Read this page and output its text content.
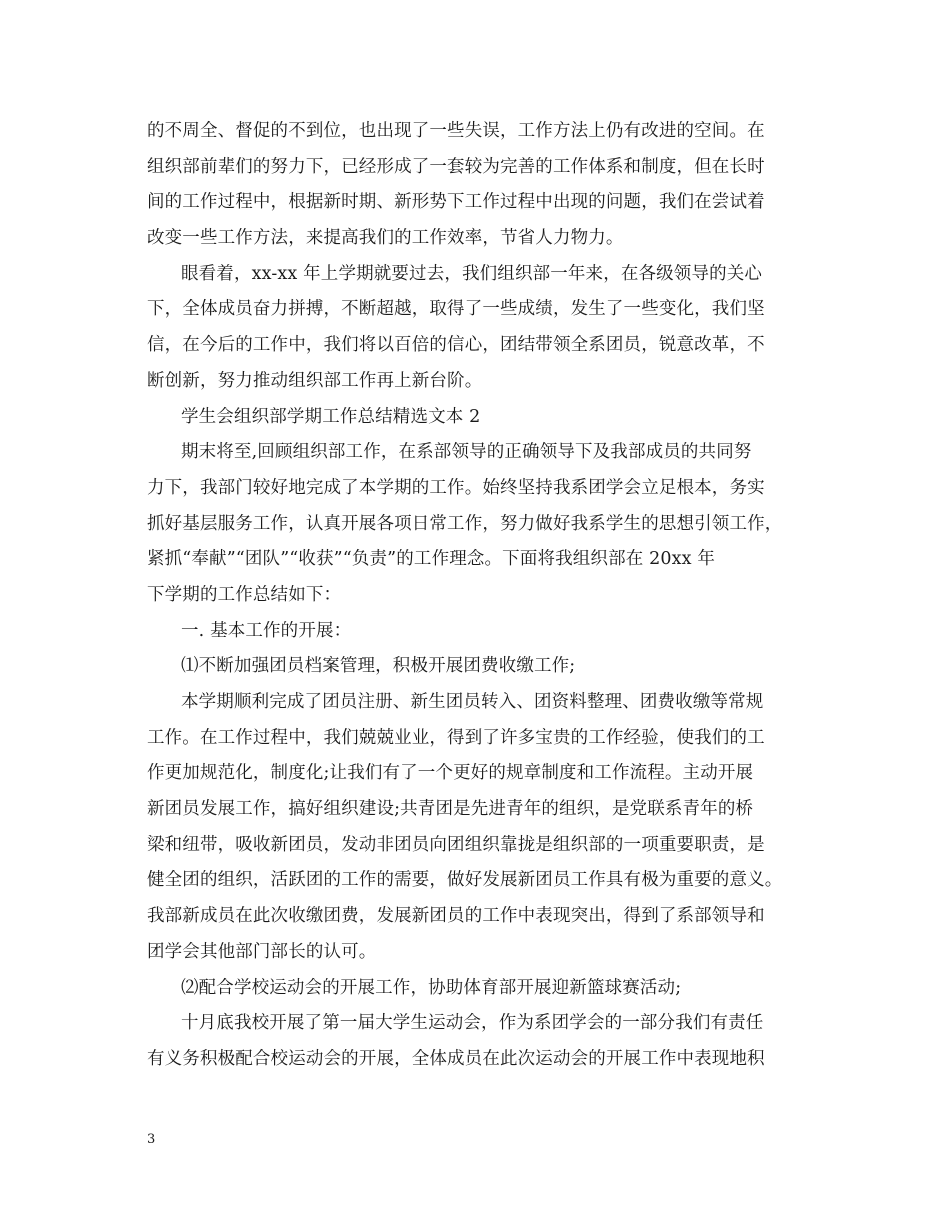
的不周全、督促的不到位，也出现了一些失误，工作方法上仍有改进的空间。在
组织部前辈们的努力下，已经形成了一套较为完善的工作体系和制度，但在长时
间的工作过程中，根据新时期、新形势下工作过程中出现的问题，我们在尝试着
改变一些工作方法，来提高我们的工作效率，节省人力物力。
眼看着，xx-xx 年上学期就要过去，我们组织部一年来，在各级领导的关心
下，全体成员奋力拼搏，不断超越，取得了一些成绩，发生了一些变化，我们坚
信，在今后的工作中，我们将以百倍的信心，团结带领全系团员，锐意改革，不
断创新，努力推动组织部工作再上新台阶。
学生会组织部学期工作总结精选文本 2
期末将至,回顾组织部工作，在系部领导的正确领导下及我部成员的共同努
力下，我部门较好地完成了本学期的工作。始终坚持我系团学会立足根本，务实
抓好基层服务工作，认真开展各项日常工作，努力做好我系学生的思想引领工作，
紧抓“奉献”“团队”“收获”“负责”的工作理念。下面将我组织部在 20xx 年
下学期的工作总结如下：
一. 基本工作的开展：
⑴不断加强团员档案管理，积极开展团费收缴工作;
本学期顺利完成了团员注册、新生团员转入、团资料整理、团费收缴等常规
工作。在工作过程中，我们兢兢业业，得到了许多宝贵的工作经验，使我们的工
作更加规范化，制度化;让我们有了一个更好的规章制度和工作流程。主动开展
新团员发展工作，搞好组织建设;共青团是先进青年的组织，是党联系青年的桥
梁和纽带，吸收新团员，发动非团员向团组织靠拢是组织部的一项重要职责，是
健全团的组织，活跃团的工作的需要，做好发展新团员工作具有极为重要的意义。
我部新成员在此次收缴团费，发展新团员的工作中表现突出，得到了系部领导和
团学会其他部门部长的认可。
⑵配合学校运动会的开展工作，协助体育部开展迎新篮球赛活动;
十月底我校开展了第一届大学生运动会，作为系团学会的一部分我们有责任
有义务积极配合校运动会的开展，全体成员在此次运动会的开展工作中表现地积
3
